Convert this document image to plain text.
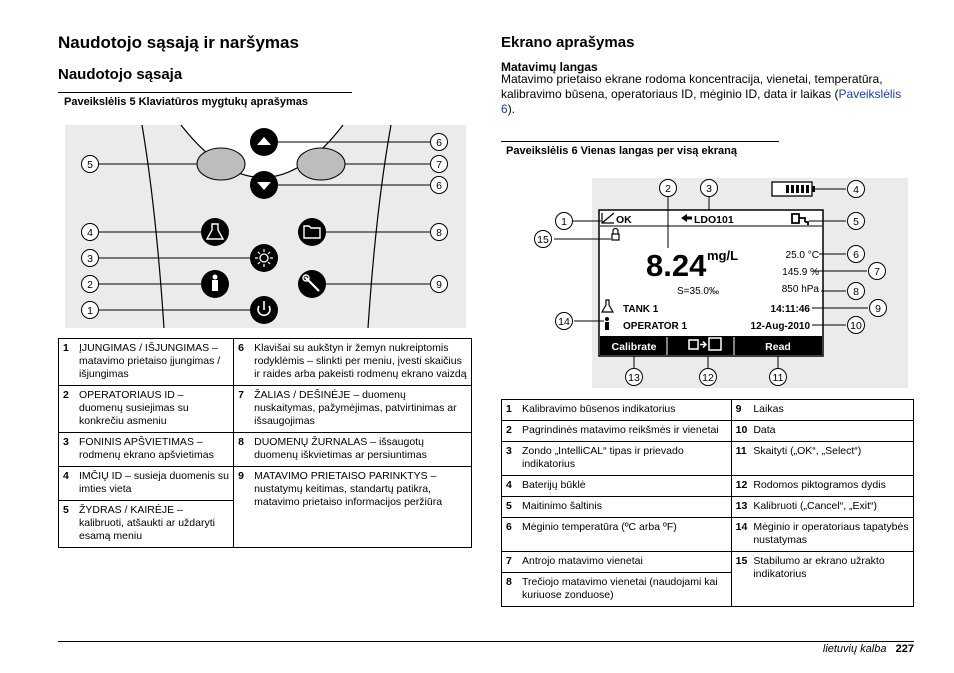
Naudotojo sąsają ir naršymas
Naudotojo sąsaja
Paveikslėlis 5 Klaviatūros mygtukų aprašymas
1
2
3
4
5
6
6
7
8
9
1	ĮJUNGIMAS / IŠJUNGIMAS – matavimo prietaiso įjungimas / išjungimas	6	Klavišai su aukštyn ir žemyn nukreiptomis rodyklėmis – slinkti per meniu, įvesti skaičius ir raides arba pakeisti rodmenų ekrano vaizdą
2	OPERATORIAUS ID – duomenų susiejimas su konkrečiu asmeniu	7	ŽALIAS / DEŠINĖJE – duomenų nuskaitymas, pažymėjimas, patvirtinimas ar išsaugojimas
3	FONINIS APŠVIETIMAS – rodmenų ekrano apšvietimas	8	DUOMENŲ ŽURNALAS – išsaugotų duomenų iškvietimas ar persiuntimas
4	IMČIŲ ID – susieja duomenis su imties vieta	9	MATAVIMO PRIETAISO PARINKTYS – nustatymų keitimas, standartų patikra, matavimo prietaiso informacijos peržiūra
5	ŽYDRAS / KAIRĖJE – kalibruoti, atšaukti ar uždaryti esamą meniu		
Ekrano aprašymas
Matavimų langas
Matavimo prietaiso ekrane rodoma koncentracija, vienetai, temperatūra, kalibravimo būsena, operatoriaus ID, mėginio ID, data ir laikas (Paveikslėlis 6).
Paveikslėlis 6 Vienas langas per visą ekraną
OK	LDO101
8.24 mg/L
S=35.0‰
25.0 °C
145.9 %
850 hPa
TANK 1
OPERATOR 1
14:11:46
12-Aug-2010
Calibrate	Read
1
2	3	4
5
6
7
8
9
10
11
12
13
14
15
1	Kalibravimo būsenos indikatorius	9	Laikas
2	Pagrindinės matavimo reikšmės ir vienetai	10	Data
3	Zondo „IntelliCAL“ tipas ir prievado indikatorius	11	Skaityti („OK“, „Select“)
4	Baterijų būklė	12	Rodomos piktogramos dydis
5	Maitinimo šaltinis	13	Kalibruoti („Cancel“, „Exit“)
6	Mėginio temperatūra (ºC arba ºF)	14	Mėginio ir operatoriaus tapatybės nustatymas
7	Antrojo matavimo vienetai	15	Stabilumo ar ekrano užrakto indikatorius
8	Trečiojo matavimo vienetai (naudojami kai kuriuose zonduose)		
lietuvių kalba 227
